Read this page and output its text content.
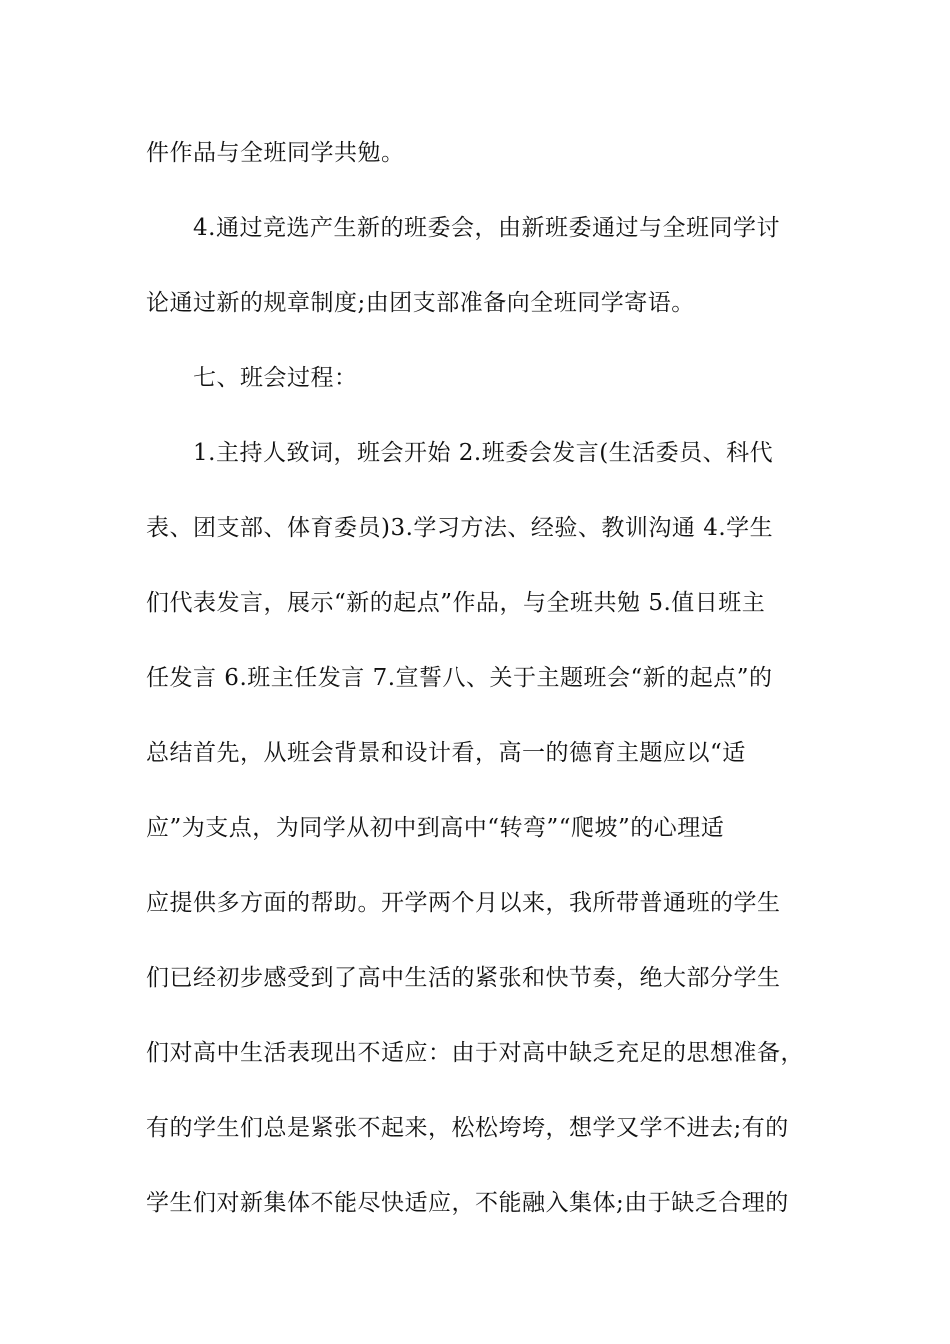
件作品与全班同学共勉。
4.通过竞选产生新的班委会，由新班委通过与全班同学讨
论通过新的规章制度;由团支部准备向全班同学寄语。
七、班会过程：
1.主持人致词，班会开始 2.班委会发言(生活委员、科代
表、团支部、体育委员)3.学习方法、经验、教训沟通 4.学生
们代表发言，展示“新的起点”作品，与全班共勉 5.值日班主
任发言 6.班主任发言 7.宣誓八、关于主题班会“新的起点”的
总结首先，从班会背景和设计看，高一的德育主题应以“适
应”为支点，为同学从初中到高中“转弯”“爬坡”的心理适
应提供多方面的帮助。开学两个月以来，我所带普通班的学生
们已经初步感受到了高中生活的紧张和快节奏，绝大部分学生
们对高中生活表现出不适应：由于对高中缺乏充足的思想准备，
有的学生们总是紧张不起来，松松垮垮，想学又学不进去;有的
学生们对新集体不能尽快适应，不能融入集体;由于缺乏合理的
